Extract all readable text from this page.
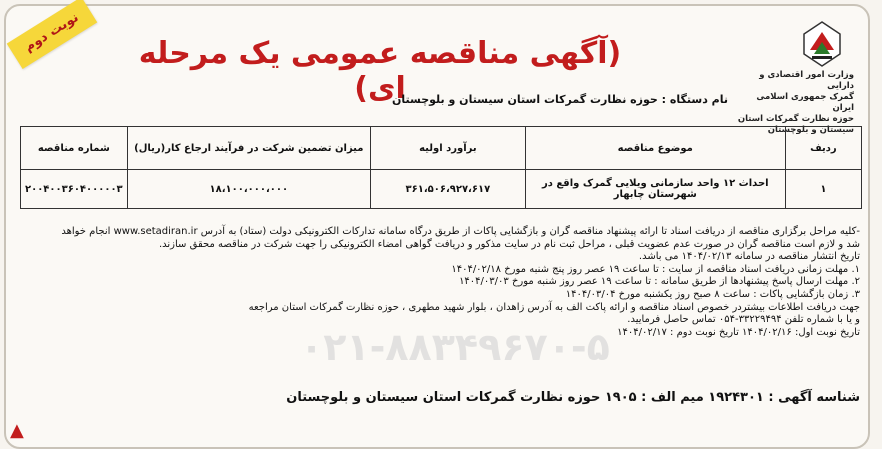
نوبت دوم	(آگهی مناقصه عمومی یک مرحله ای)	وزارت امور اقتصادی و دارایی
گمرک جمهوری اسلامی ایران
حوزه نظارت گمرکات استان
سیستان و بلوچستان
نام دستگاه : حوزه نظارت گمرکات استان سیستان و بلوچستان
ردیف	موضوع مناقصه	برآورد اولیه	میزان تضمین شرکت در فرآیند ارجاع کار(ریال)	شماره مناقصه
۱	احداث ۱۲ واحد سازمانی ویلایی گمرک واقع در شهرستان چابهار	۳۶۱،۵۰۶،۹۲۷،۶۱۷	۱۸،۱۰۰،۰۰۰،۰۰۰	۲۰۰۴۰۰۳۶۰۴۰۰۰۰۰۳

-کلیه مراحل برگزاری مناقصه از دریافت اسناد تا ارائه پیشنهاد مناقصه گران و بازگشایی پاکات از طریق درگاه سامانه تدارکات الکترونیکی دولت (ستاد) به آدرس www.setadiran.ir انجام خواهد

شد و لازم است مناقصه گران در صورت عدم عضویت قبلی ، مراحل ثبت نام در سایت مذکور و دریافت گواهی امضاء الکترونیکی را جهت شرکت در مناقصه محقق سازند.

تاریخ انتشار مناقصه در سامانه ۱۴۰۴/۰۲/۱۳ می باشد.

۱. مهلت زمانی دریافت اسناد مناقصه از سایت : تا ساعت ۱۹ عصر روز پنج شنبه مورخ ۱۴۰۴/۰۲/۱۸

۲. مهلت ارسال پاسخ پیشنهادها از طریق سامانه : تا ساعت ۱۹ عصر روز شنبه مورخ ۱۴۰۴/۰۳/۰۳

۳. زمان بازگشایی پاکات : ساعت ۸ صبح روز یکشنبه مورخ ۱۴۰۴/۰۳/۰۴

جهت دریافت اطلاعات بیشتردر خصوص اسناد مناقصه و ارائه پاکت الف به آدرس زاهدان ، بلوار شهید مطهری ، حوزه نظارت گمرکات استان مراجعه

و یا با شماره تلفن ۳۳۲۲۹۴۹۴-۰۵۴ تماس حاصل فرمایید.

تاریخ نوبت اول: ۱۴۰۴/۰۲/۱۶ تاریخ نوبت دوم : ۱۴۰۴/۰۲/۱۷

۰۲۱-۸۸۳۴۹۶۷۰-۵
شناسه آگهی : ۱۹۲۴۳۰۱ میم الف : ۱۹۰۵ حوزه نظارت گمرکات استان سیستان و بلوچستان
▲
